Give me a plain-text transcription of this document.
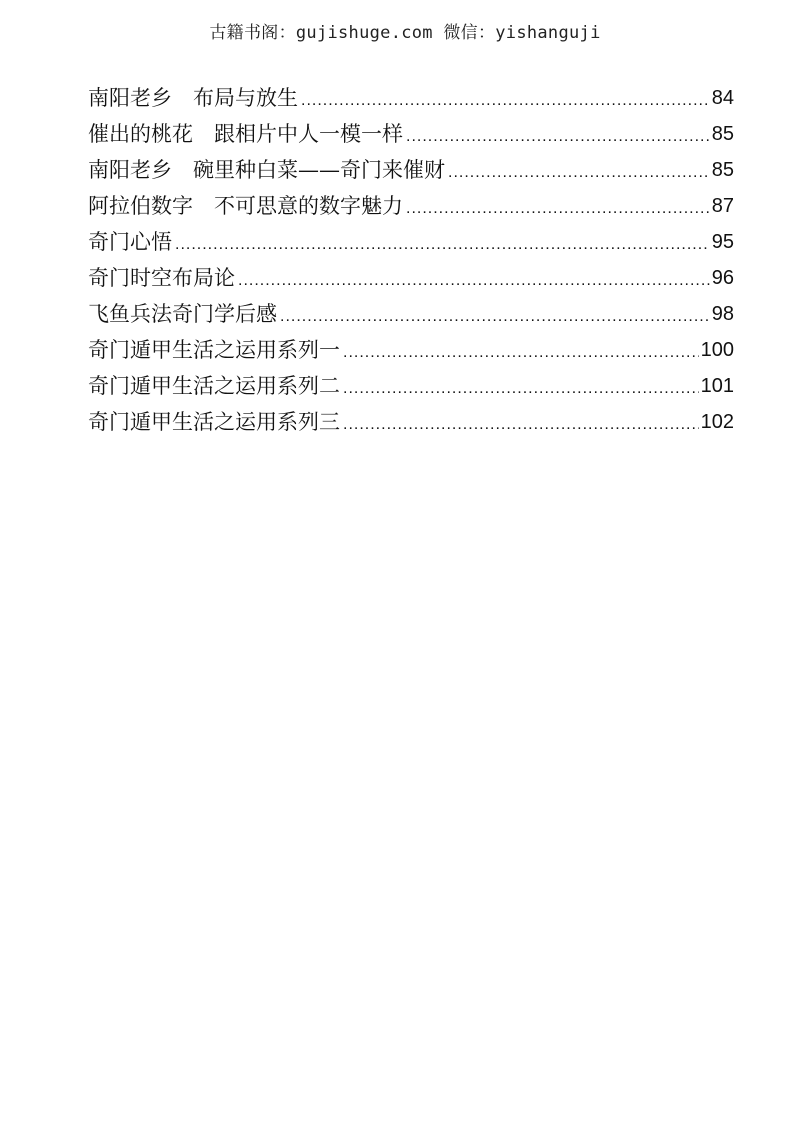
古籍书阁：gujishuge.com 微信：yishanguji
南阳老乡　布局与放生 .....	84
催出的桃花　跟相片中人一模一样 .....	85
南阳老乡　碗里种白菜——奇门来催财 .....	85
阿拉伯数字　不可思意的数字魅力 .....	87
奇门心悟 .....	95
奇门时空布局论 .....	96
飞鱼兵法奇门学后感 .....	98
奇门遁甲生活之运用系列一 .....	100
奇门遁甲生活之运用系列二 .....	101
奇门遁甲生活之运用系列三 .....	102
